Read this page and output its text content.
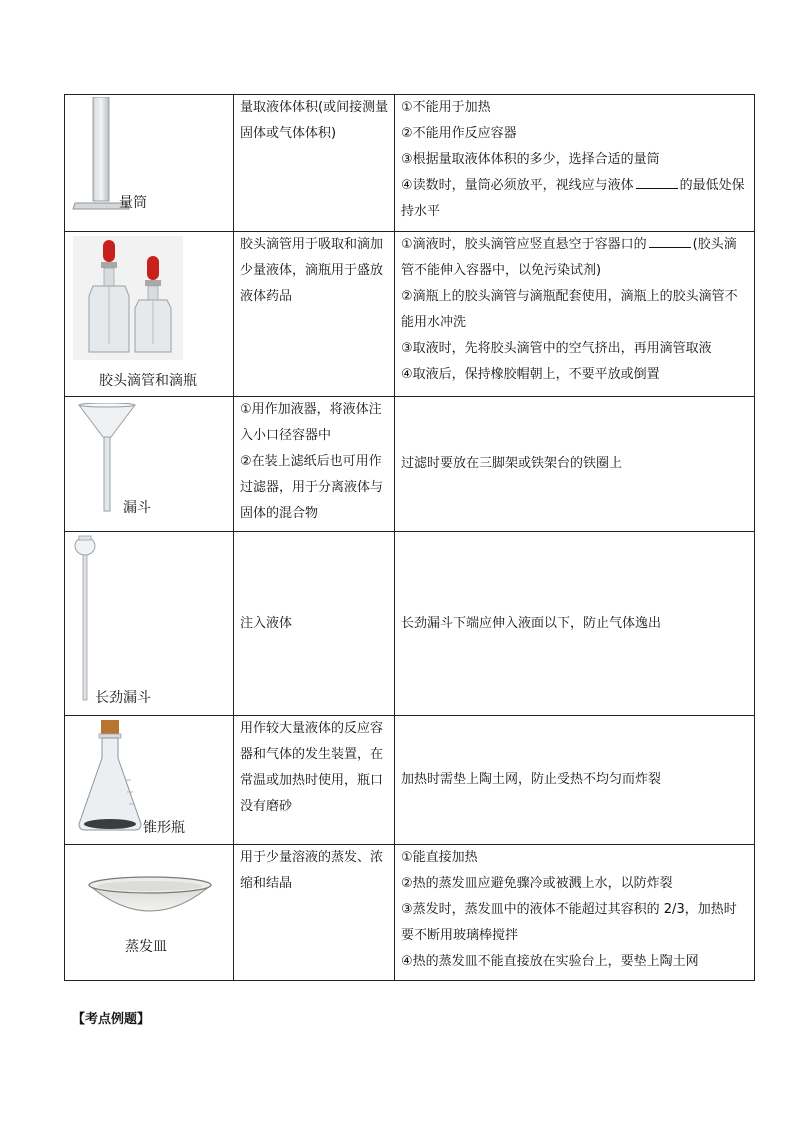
量筒	量取液体体积(或间接测量固体或气体体积)	①不能用于加热

②不能用作反应容器

③根据量取液体体积的多少，选择合适的量筒

④读数时，量筒必须放平，视线应与液体 的最低处保持水平

胶头滴管和滴瓶	胶头滴管用于吸取和滴加少量液体，滴瓶用于盛放液体药品	①滴液时，胶头滴管应竖直悬空于容器口的 (胶头滴管不能伸入容器中，以免污染试剂)

②滴瓶上的胶头滴管与滴瓶配套使用，滴瓶上的胶头滴管不能用水冲洗

③取液时，先将胶头滴管中的空气挤出，再用滴管取液

④取液后，保持橡胶帽朝上，不要平放或倒置

漏斗	①用作加液器，将液体注入小口径容器中

②在装上滤纸后也可用作过滤器，用于分离液体与固体的混合物	过滤时要放在三脚架或铁架台的铁圈上

长劲漏斗	注入液体	长劲漏斗下端应伸入液面以下，防止气体逸出

锥形瓶	用作较大量液体的反应容器和气体的发生装置，在常温或加热时使用，瓶口没有磨砂	加热时需垫上陶土网，防止受热不均匀而炸裂

蒸发皿	用于少量溶液的蒸发、浓缩和结晶	①能直接加热

②热的蒸发皿应避免骤冷或被溅上水，以防炸裂

③蒸发时，蒸发皿中的液体不能超过其容积的 2/3，加热时要不断用玻璃棒搅拌

④热的蒸发皿不能直接放在实验台上，要垫上陶土网

【考点例题】
